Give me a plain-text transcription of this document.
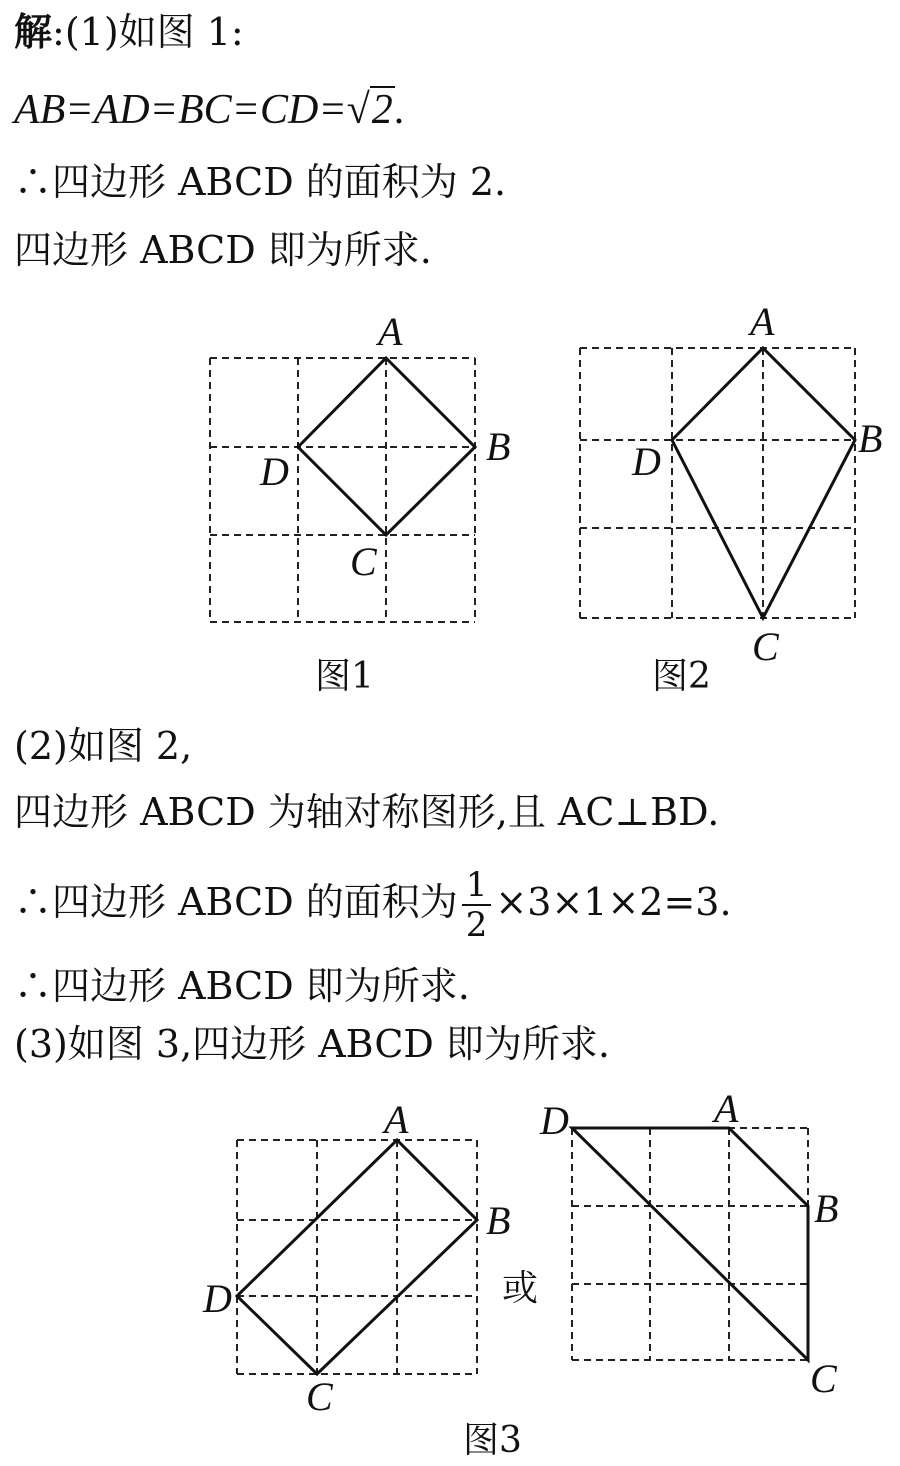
解:(1)如图 1:
AB=AD=BC=CD=√2.
∴四边形 ABCD 的面积为 2.
四边形 ABCD 即为所求.
A
B
C
D
图1
A
B
C
D
图2
(2)如图 2,
四边形 ABCD 为轴对称图形,且 AC⊥BD.
∴四边形 ABCD 的面积为 $\frac{1}{2} \times 3\times 1\times 2=3$.
∴四边形 ABCD 即为所求.
(3)如图 3,四边形 ABCD 即为所求.
A
B
C
D	或
A
B
C
D
图3
